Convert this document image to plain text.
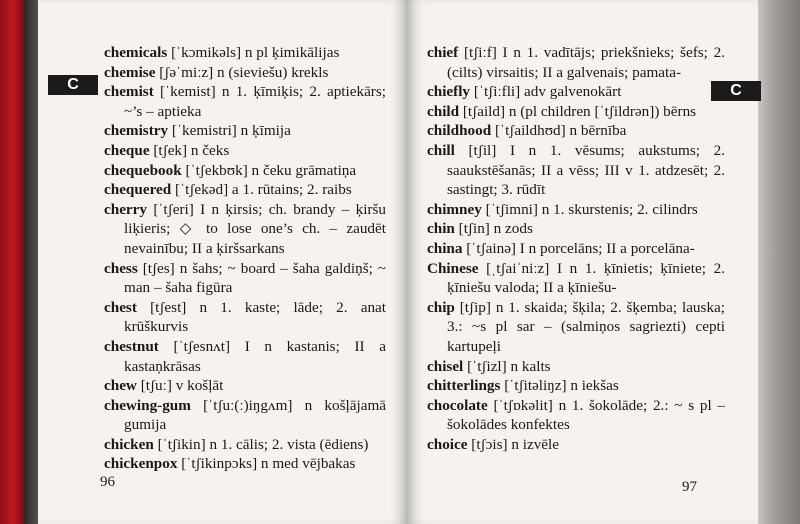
chemicals [ˈkɔmikəls] n pl ķimikālijas
chemise [ʃəˈmiːz] n (sieviešu) krekls
chemist [ˈkemist] n 1. ķīmiķis; 2. aptiekārs; ~’s – aptieka
chemistry [ˈkemistri] n ķīmija
cheque [tʃek] n čeks
chequebook [ˈtʃekbʊk] n čeku grāmatiņa
chequered [ˈtʃekəd] a 1. rūtains; 2. raibs
cherry [ˈtʃeri] I n ķirsis; ch. brandy – ķiršu liķieris; ◇ to lose one’s ch. – zaudēt nevainību; II a ķiršsarkans
chess [tʃes] n šahs; ~ board – šaha galdiņš; ~ man – šaha figūra
chest [tʃest] n 1. kaste; lāde; 2. anat krūškurvis
chestnut [ˈtʃesnʌt] I n kastanis; II a kastaņkrāsas
chew [tʃuː] v košļāt
chewing-gum [ˈtʃuː(ː)iŋgʌm] n košļājamā gumija
chicken [ˈtʃikin] n 1. cālis; 2. vista (ēdiens)
chickenpox [ˈtʃikinpɔks] n med vējbakas
96
chief [tʃiːf] I n 1. vadītājs; priekšnieks; šefs; 2. (cilts) virsaitis; II a galvenais; pamata-
chiefly [ˈtʃiːfli] adv galvenokārt
child [tʃaild] n (pl children [ˈtʃildrən]) bērns
childhood [ˈtʃaildhʊd] n bērnība
chill [tʃil] I n 1. vēsums; aukstums; 2. saaukstēšanās; II a vēss; III v 1. atdzesēt; 2. sastingt; 3. rūdīt
chimney [ˈtʃimni] n 1. skurstenis; 2. cilindrs
chin [tʃin] n zods
china [ˈtʃainə] I n porcelāns; II a porcelāna-
Chinese [ˌtʃaiˈniːz] I n 1. ķīnietis; ķīniete; 2. ķīniešu valoda; II a ķīniešu-
chip [tʃip] n 1. skaida; šķila; 2. šķemba; lauska; 3.: ~s pl sar – (salmiņos sagriezti) cepti kartupeļi
chisel [ˈtʃizl] n kalts
chitterlings [ˈtʃitəliŋz] n iekšas
chocolate [ˈtʃɒkəlit] n 1. šokolāde; 2.: ~ s pl – šokolādes konfektes
choice [tʃɔis] n izvēle
97
C	C
